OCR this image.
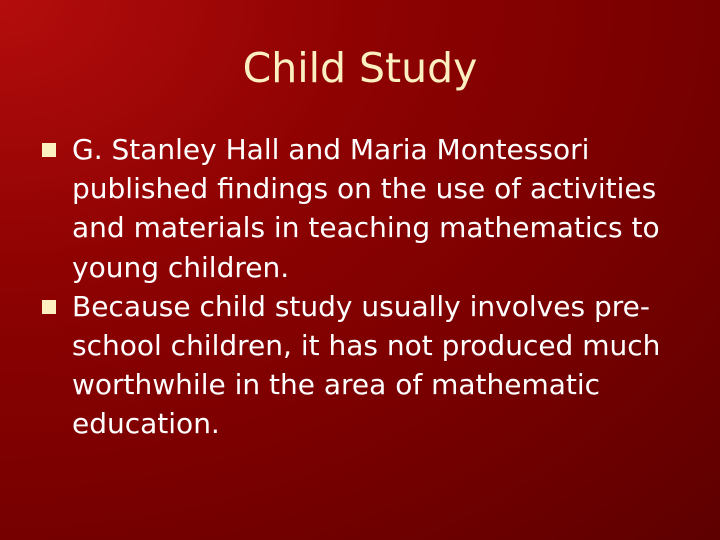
Child Study
G. Stanley Hall and Maria Montessori published findings on the use of activities and materials in teaching mathematics to young children.
Because child study usually involves pre-school children, it has not produced much worthwhile in the area of mathematic education.
